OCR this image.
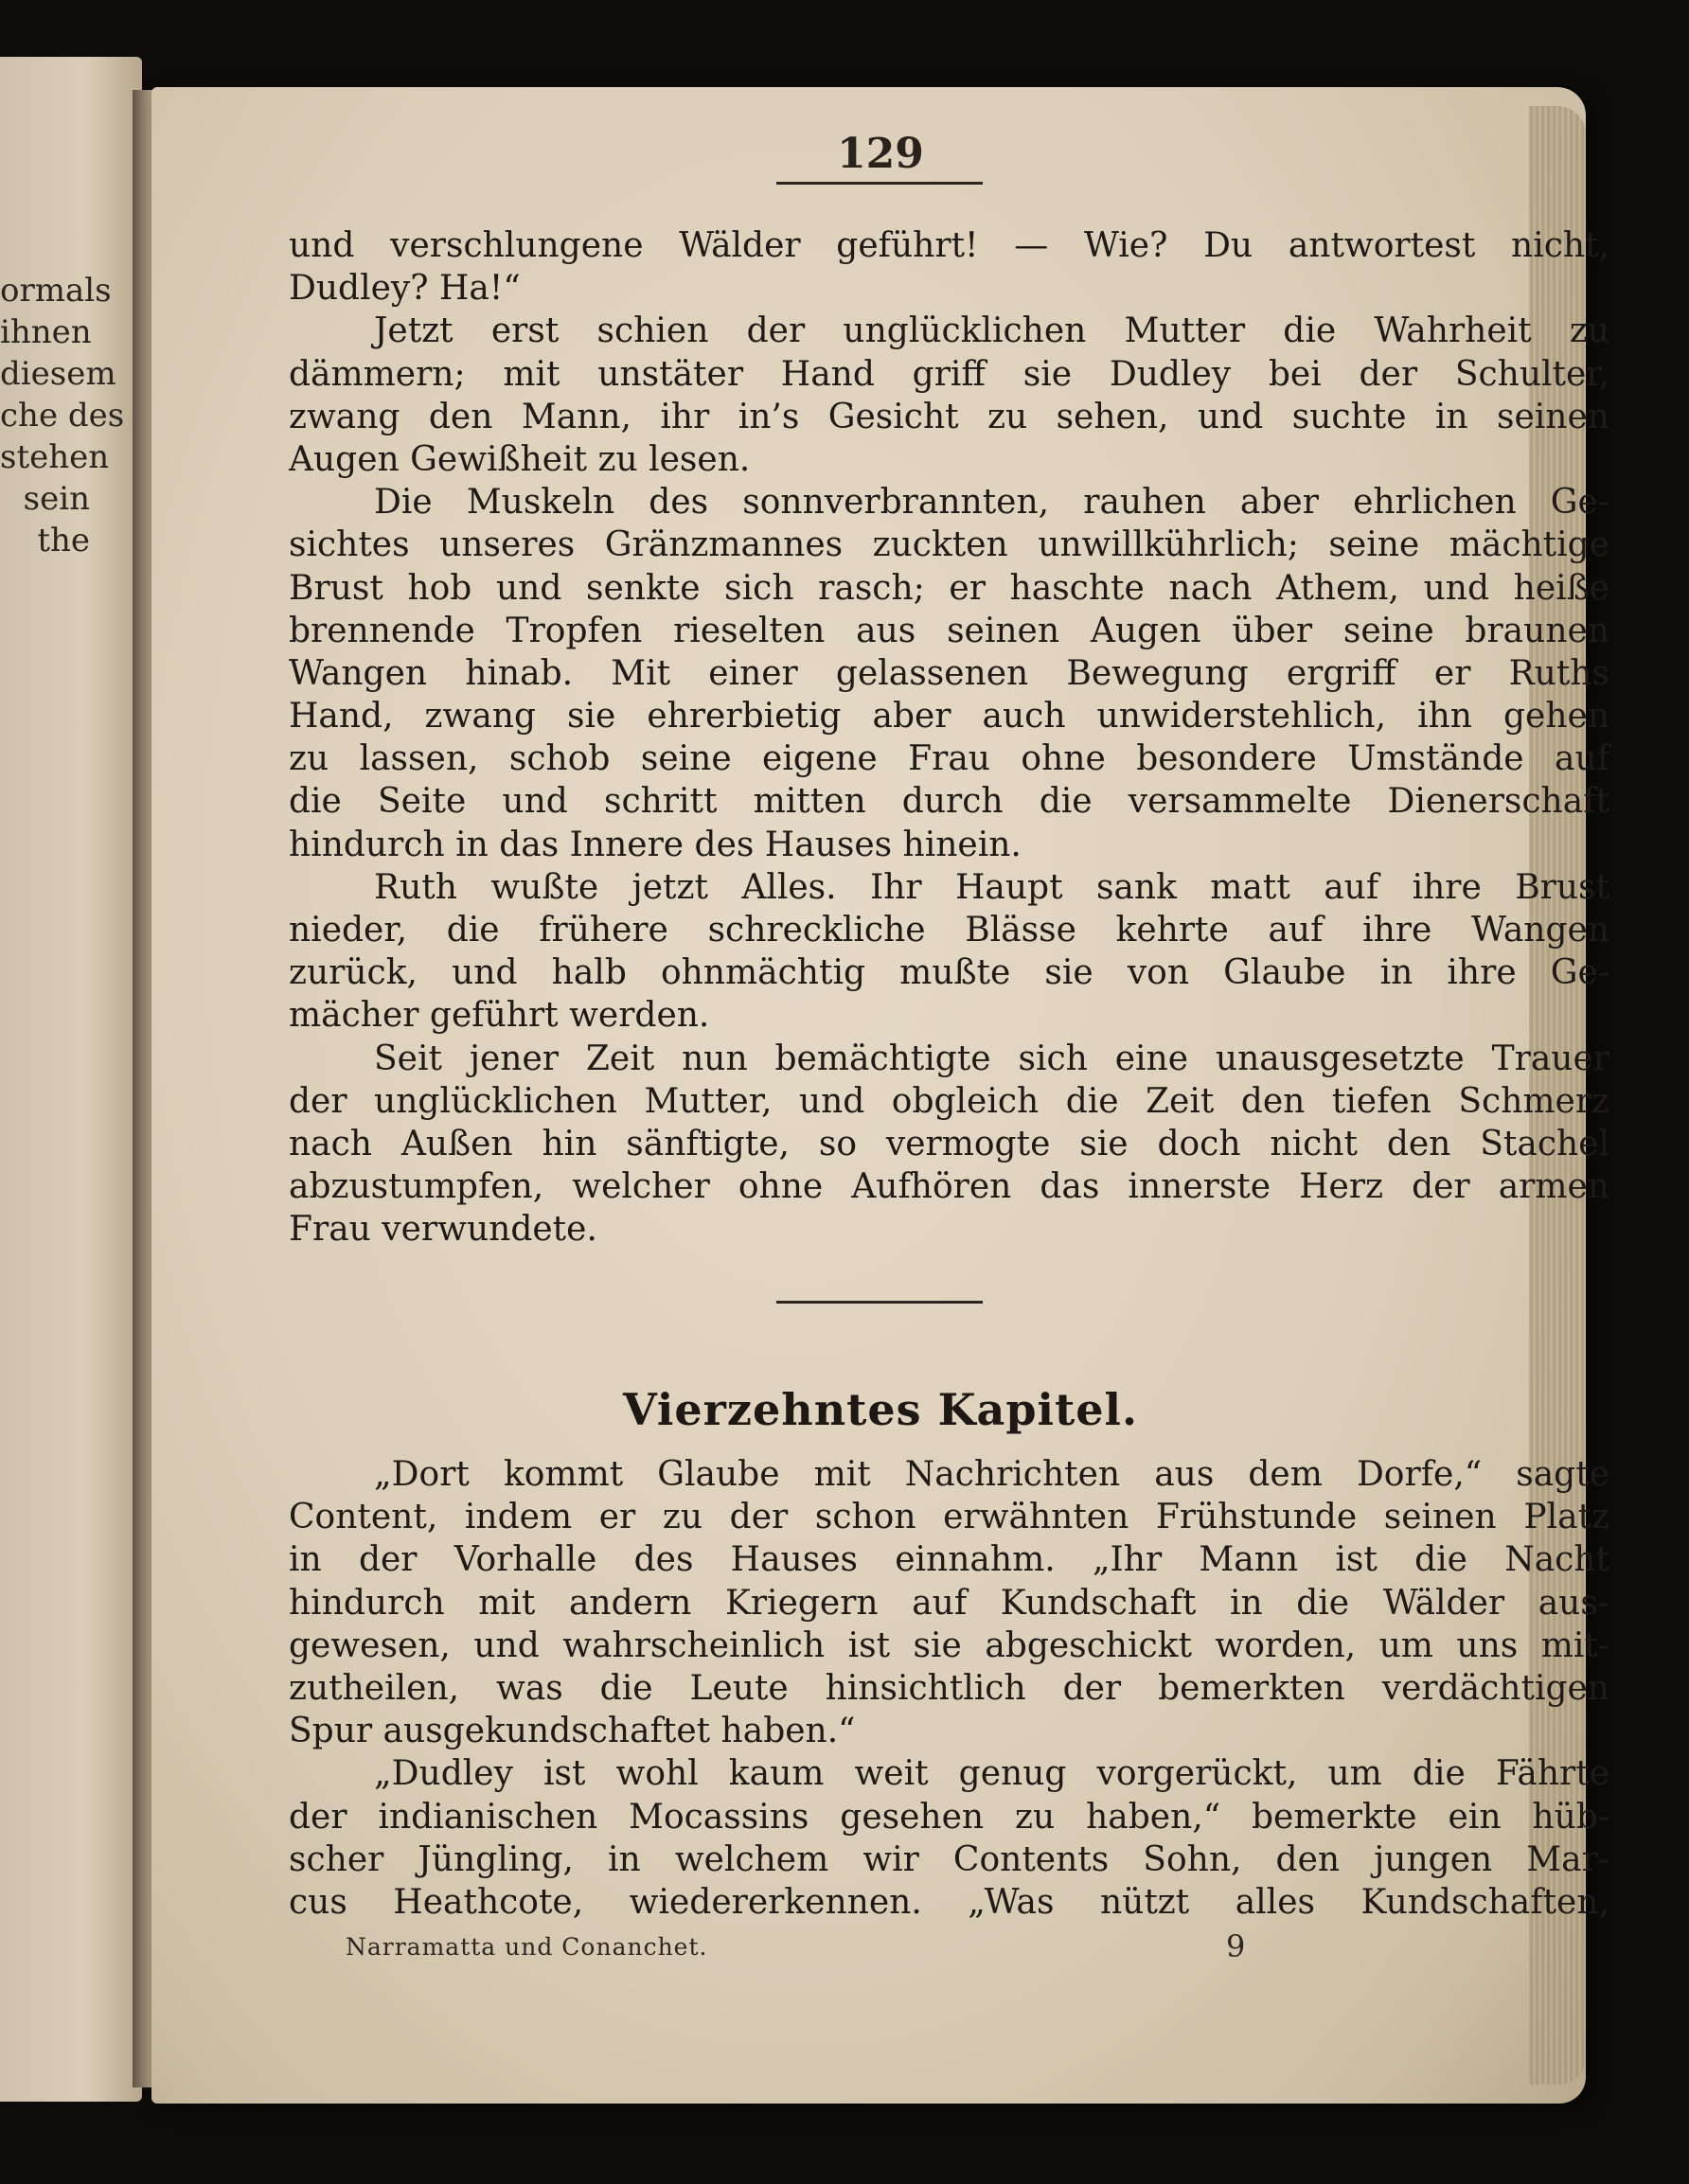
ormals
ihnen
diesem
che des
stehen
sein
the
129
und verschlungene Wälder geführt! — Wie? Du antwortest nicht,
Dudley? Ha!“
Jetzt erst schien der unglücklichen Mutter die Wahrheit zu
dämmern; mit unstäter Hand griff sie Dudley bei der Schulter,
zwang den Mann, ihr in’s Gesicht zu sehen, und suchte in seinen
Augen Gewißheit zu lesen.
Die Muskeln des sonnverbrannten, rauhen aber ehrlichen Ge-
sichtes unseres Gränzmannes zuckten unwillkührlich; seine mächtige
Brust hob und senkte sich rasch; er haschte nach Athem, und heiße
brennende Tropfen rieselten aus seinen Augen über seine braunen
Wangen hinab. Mit einer gelassenen Bewegung ergriff er Ruths
Hand, zwang sie ehrerbietig aber auch unwiderstehlich, ihn gehen
zu lassen, schob seine eigene Frau ohne besondere Umstände auf
die Seite und schritt mitten durch die versammelte Dienerschaft
hindurch in das Innere des Hauses hinein.
Ruth wußte jetzt Alles. Ihr Haupt sank matt auf ihre Brust
nieder, die frühere schreckliche Blässe kehrte auf ihre Wangen
zurück, und halb ohnmächtig mußte sie von Glaube in ihre Ge-
mächer geführt werden.
Seit jener Zeit nun bemächtigte sich eine unausgesetzte Trauer
der unglücklichen Mutter, und obgleich die Zeit den tiefen Schmerz
nach Außen hin sänftigte, so vermogte sie doch nicht den Stachel
abzustumpfen, welcher ohne Aufhören das innerste Herz der armen
Frau verwundete.
Vierzehntes Kapitel.
„Dort kommt Glaube mit Nachrichten aus dem Dorfe,“ sagte
Content, indem er zu der schon erwähnten Frühstunde seinen Platz
in der Vorhalle des Hauses einnahm. „Ihr Mann ist die Nacht
hindurch mit andern Kriegern auf Kundschaft in die Wälder aus-
gewesen, und wahrscheinlich ist sie abgeschickt worden, um uns mit-
zutheilen, was die Leute hinsichtlich der bemerkten verdächtigen
Spur ausgekundschaftet haben.“
„Dudley ist wohl kaum weit genug vorgerückt, um die Fährte
der indianischen Mocassins gesehen zu haben,“ bemerkte ein hüb-
scher Jüngling, in welchem wir Contents Sohn, den jungen Mar-
cus Heathcote, wiedererkennen. „Was nützt alles Kundschaften,
Narramatta und Conanchet.	9
